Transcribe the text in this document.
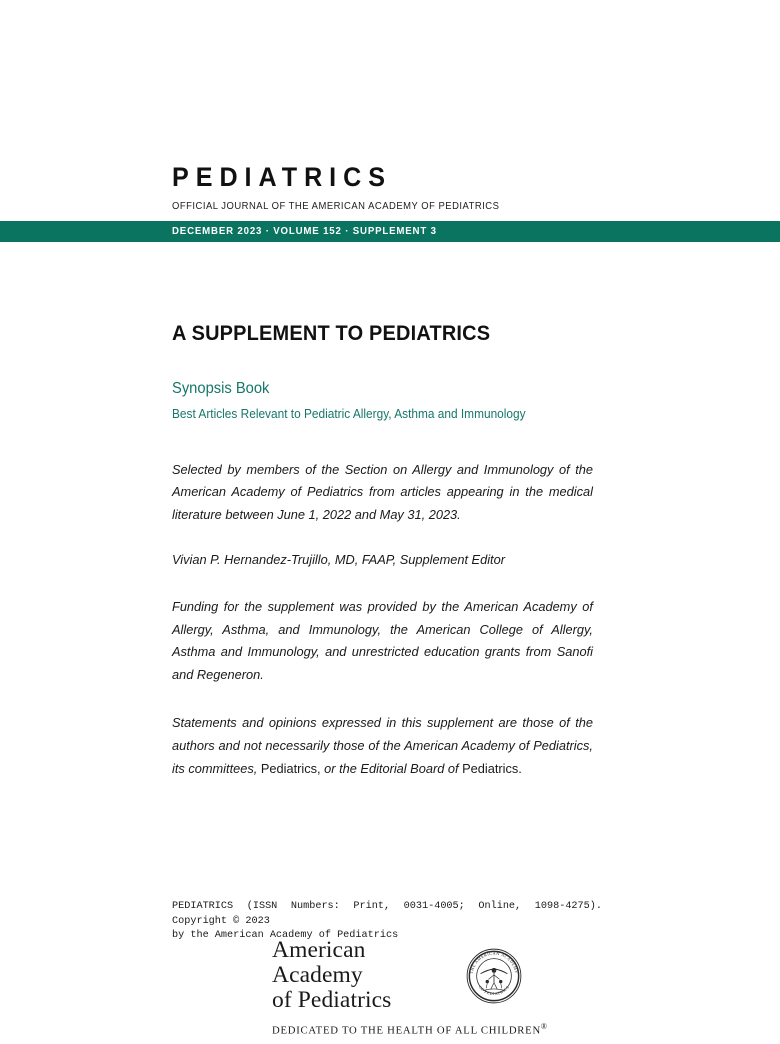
PEDIATRICS
OFFICIAL JOURNAL OF THE AMERICAN ACADEMY OF PEDIATRICS
DECEMBER 2023 · VOLUME 152 · SUPPLEMENT 3
A SUPPLEMENT TO PEDIATRICS
Synopsis Book
Best Articles Relevant to Pediatric Allergy, Asthma and Immunology
Selected by members of the Section on Allergy and Immunology of the American Academy of Pediatrics from articles appearing in the medical literature between June 1, 2022 and May 31, 2023.
Vivian P. Hernandez-Trujillo, MD, FAAP, Supplement Editor
Funding for the supplement was provided by the American Academy of Allergy, Asthma, and Immunology, the American College of Allergy, Asthma and Immunology, and unrestricted education grants from Sanofi and Regeneron.
Statements and opinions expressed in this supplement are those of the authors and not necessarily those of the American Academy of Pediatrics, its committees, Pediatrics, or the Editorial Board of Pediatrics.
PEDIATRICS (ISSN Numbers: Print, 0031-4005; Online, 1098-4275). Copyright © 2023
by the American Academy of Pediatrics
American Academy
of Pediatrics
THE AMERICAN ACADEMY
OF PEDIATRICS
DEDICATED TO THE HEALTH OF ALL CHILDREN®
